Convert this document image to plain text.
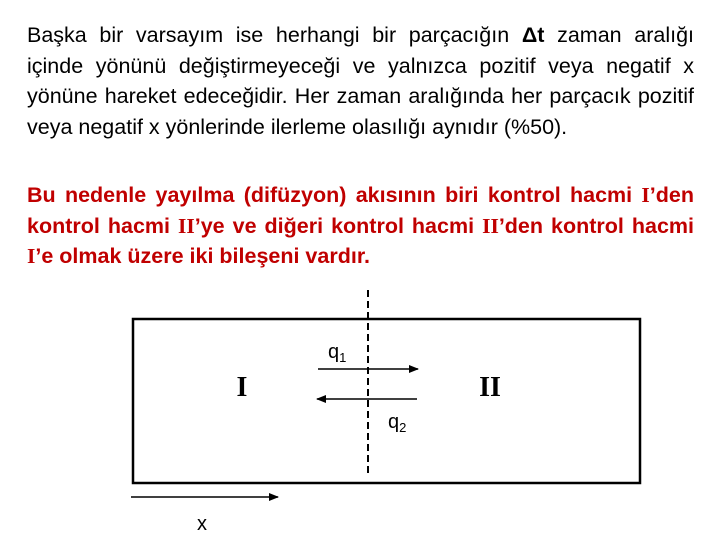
Başka bir varsayım ise herhangi bir parçacığın Δt zaman aralığı içinde yönünü değiştirmeyeceği ve yalnızca pozitif veya negatif x yönüne hareket edeceğidir. Her zaman aralığında her parçacık pozitif veya negatif x yönlerinde ilerleme olasılığı aynıdır (%50).

Bu nedenle yayılma (difüzyon) akısının biri kontrol hacmi I’den kontrol hacmi II’ye ve diğeri kontrol hacmi II’den kontrol hacmi I’e olmak üzere iki bileşeni vardır.

$q_1$
$q_2$
I	II
x
